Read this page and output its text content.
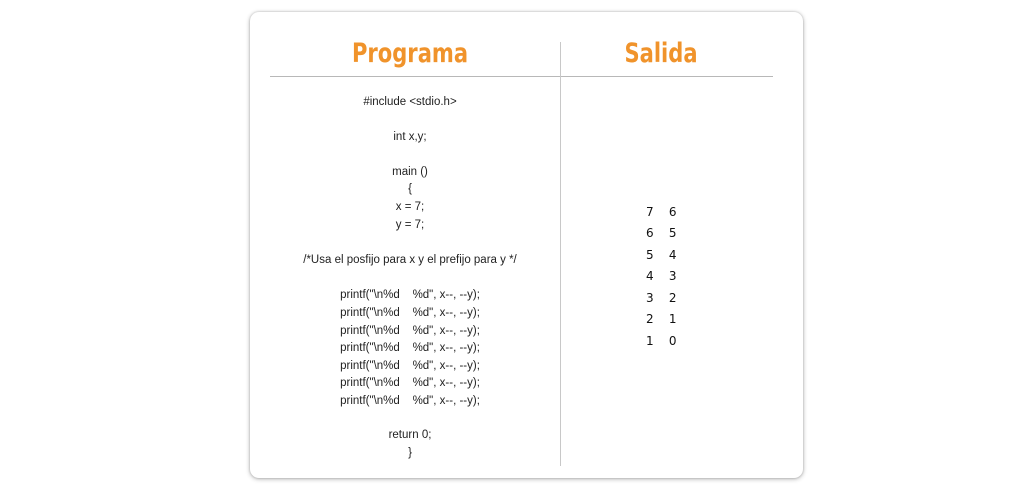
Programa	Salida
#include <stdio.h>
int x,y;
main ()
{
x = 7;
y = 7;
/*Usa el posfijo para x y el prefijo para y */
printf("\n%d    %d", x--, --y);
printf("\n%d    %d", x--, --y);
printf("\n%d    %d", x--, --y);
printf("\n%d    %d", x--, --y);
printf("\n%d    %d", x--, --y);
printf("\n%d    %d", x--, --y);
printf("\n%d    %d", x--, --y);
return 0;
}
7    6
6    5
5    4
4    3
3    2
2    1
1    0
